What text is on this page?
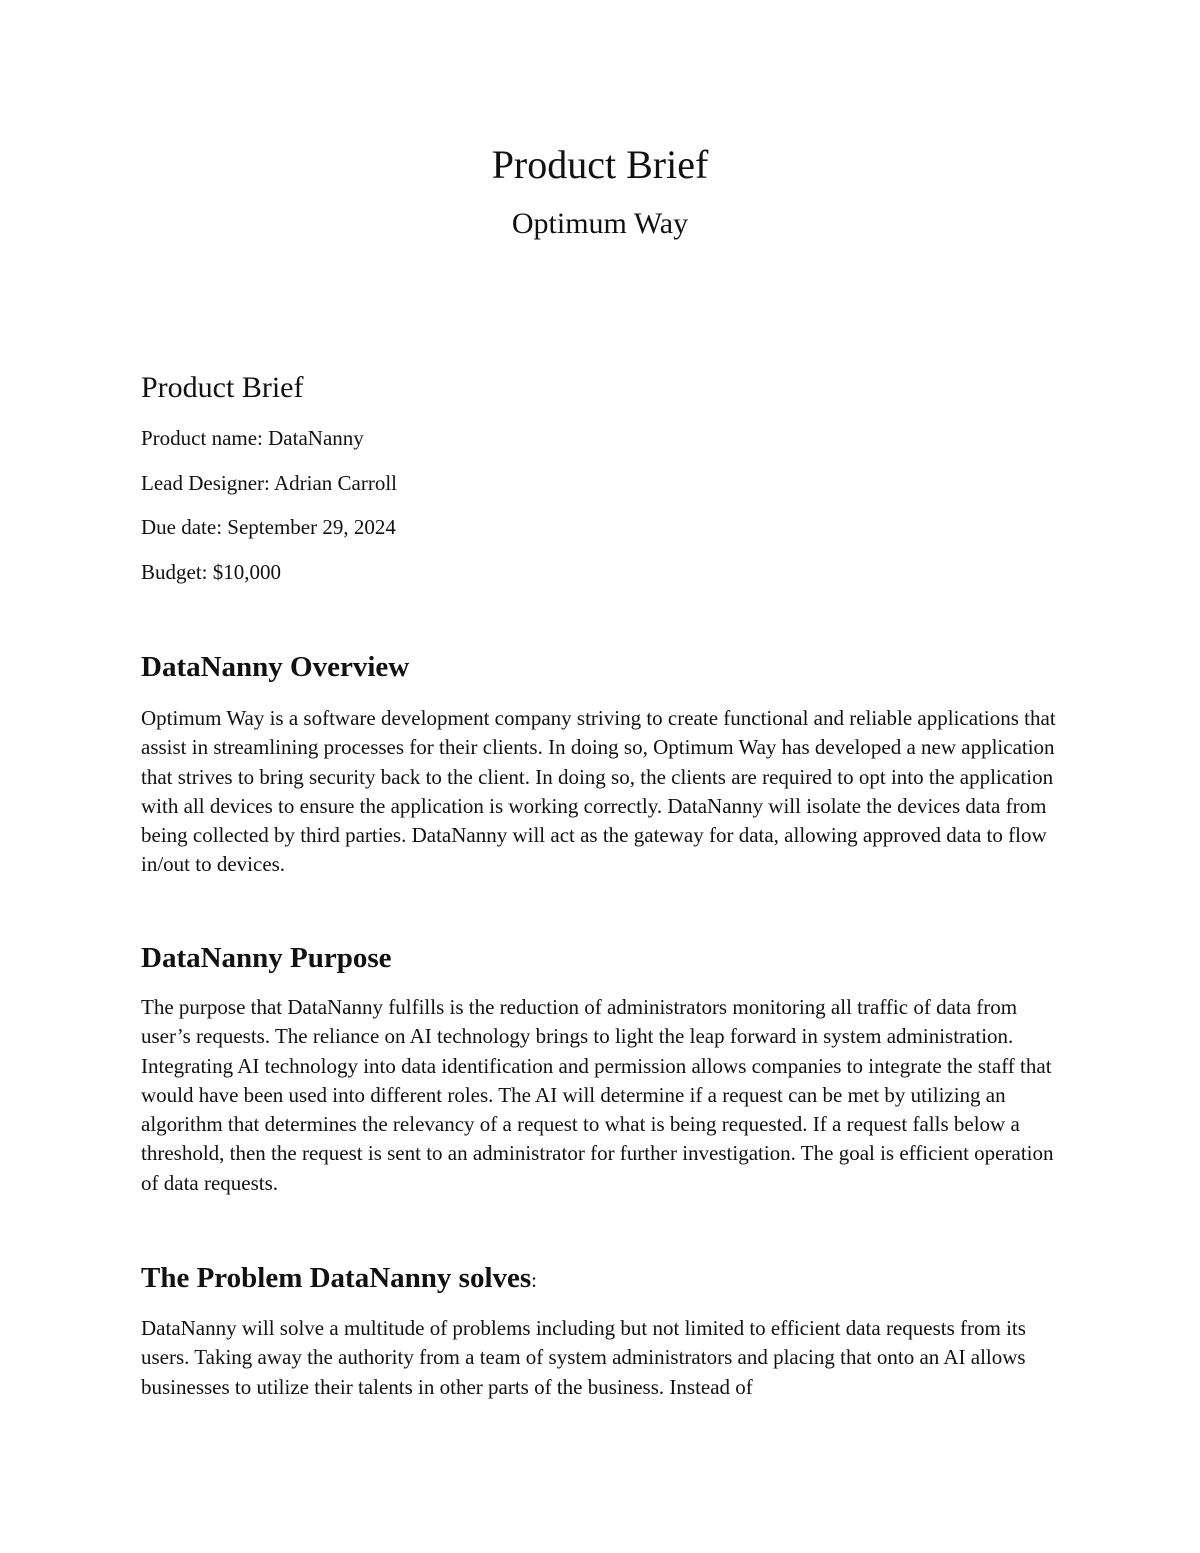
Product Brief
Optimum Way
Product Brief

Product name: DataNanny

Lead Designer: Adrian Carroll

Due date: September 29, 2024

Budget: $10,000

DataNanny Overview

Optimum Way is a software development company striving to create functional and reliable applications that assist in streamlining processes for their clients. In doing so, Optimum Way has developed a new application that strives to bring security back to the client. In doing so, the clients are required to opt into the application with all devices to ensure the application is working correctly. DataNanny will isolate the devices data from being collected by third parties. DataNanny will act as the gateway for data, allowing approved data to flow in/out to devices.

DataNanny Purpose

The purpose that DataNanny fulfills is the reduction of administrators monitoring all traffic of data from user’s requests. The reliance on AI technology brings to light the leap forward in system administration. Integrating AI technology into data identification and permission allows companies to integrate the staff that would have been used into different roles. The AI will determine if a request can be met by utilizing an algorithm that determines the relevancy of a request to what is being requested. If a request falls below a threshold, then the request is sent to an administrator for further investigation. The goal is efficient operation of data requests.

The Problem DataNanny solves:

DataNanny will solve a multitude of problems including but not limited to efficient data requests from its users. Taking away the authority from a team of system administrators and placing that onto an AI allows businesses to utilize their talents in other parts of the business. Instead of
